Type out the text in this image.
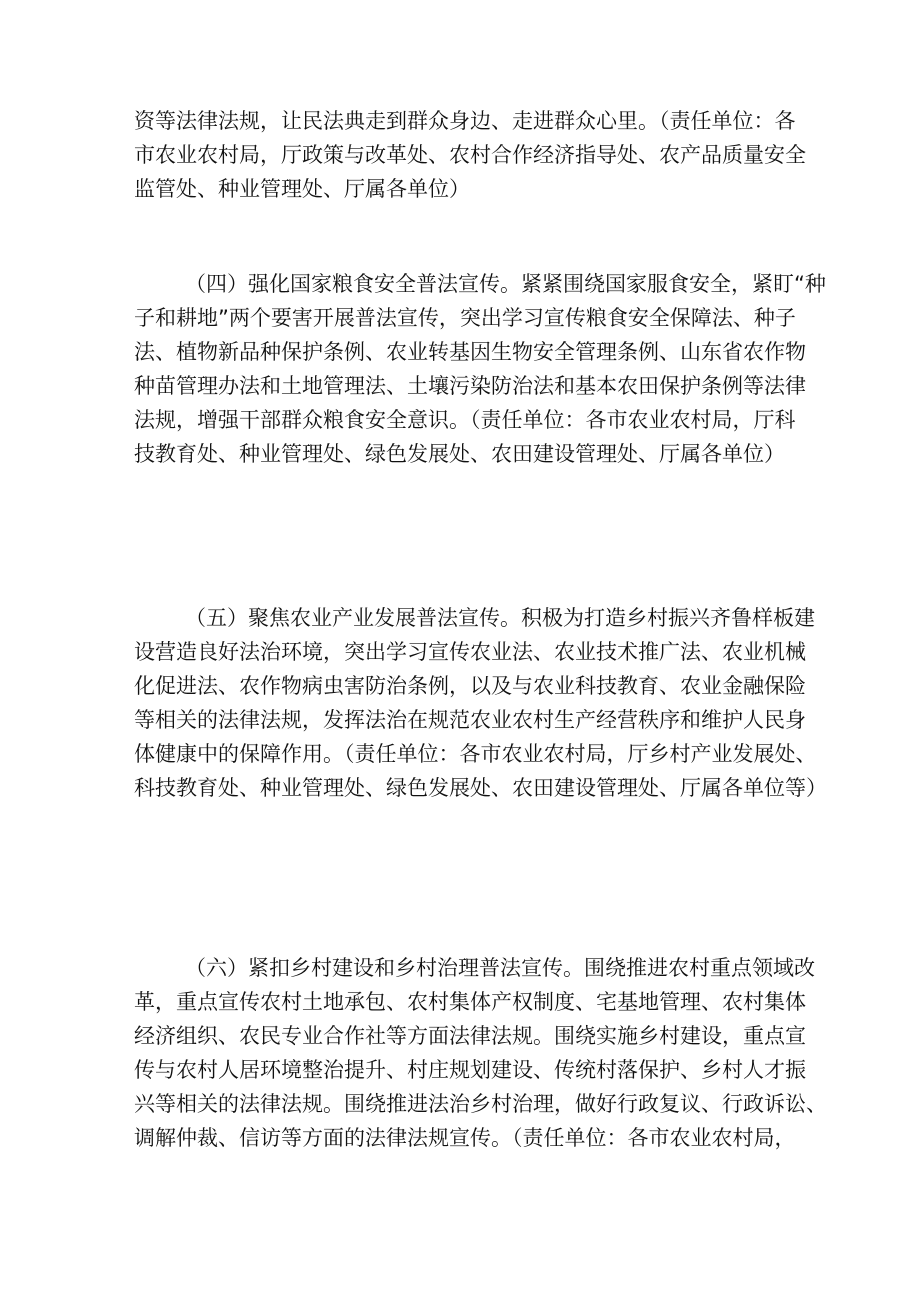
资等法律法规，让民法典走到群众身边、走进群众心里。（责任单位：各
市农业农村局，厅政策与改革处、农村合作经济指导处、农产品质量安全
监管处、种业管理处、厅属各单位）
（四）强化国家粮食安全普法宣传。紧紧围绕国家服食安全，紧盯“种
子和耕地”两个要害开展普法宣传，突出学习宣传粮食安全保障法、种子
法、植物新品种保护条例、农业转基因生物安全管理条例、山东省农作物
种苗管理办法和土地管理法、土壤污染防治法和基本农田保护条例等法律
法规，增强干部群众粮食安全意识。（责任单位：各市农业农村局，厅科
技教育处、种业管理处、绿色发展处、农田建设管理处、厅属各单位）
（五）聚焦农业产业发展普法宣传。积极为打造乡村振兴齐鲁样板建
设营造良好法治环境，突出学习宣传农业法、农业技术推广法、农业机械
化促进法、农作物病虫害防治条例，以及与农业科技教育、农业金融保险
等相关的法律法规，发挥法治在规范农业农村生产经营秩序和维护人民身
体健康中的保障作用。（责任单位：各市农业农村局，厅乡村产业发展处、
科技教育处、种业管理处、绿色发展处、农田建设管理处、厅属各单位等）
（六）紧扣乡村建设和乡村治理普法宣传。围绕推进农村重点领域改
革，重点宣传农村土地承包、农村集体产权制度、宅基地管理、农村集体
经济组织、农民专业合作社等方面法律法规。围绕实施乡村建设，重点宣
传与农村人居环境整治提升、村庄规划建设、传统村落保护、乡村人才振
兴等相关的法律法规。围绕推进法治乡村治理，做好行政复议、行政诉讼、
调解仲裁、信访等方面的法律法规宣传。（责任单位：各市农业农村局，
